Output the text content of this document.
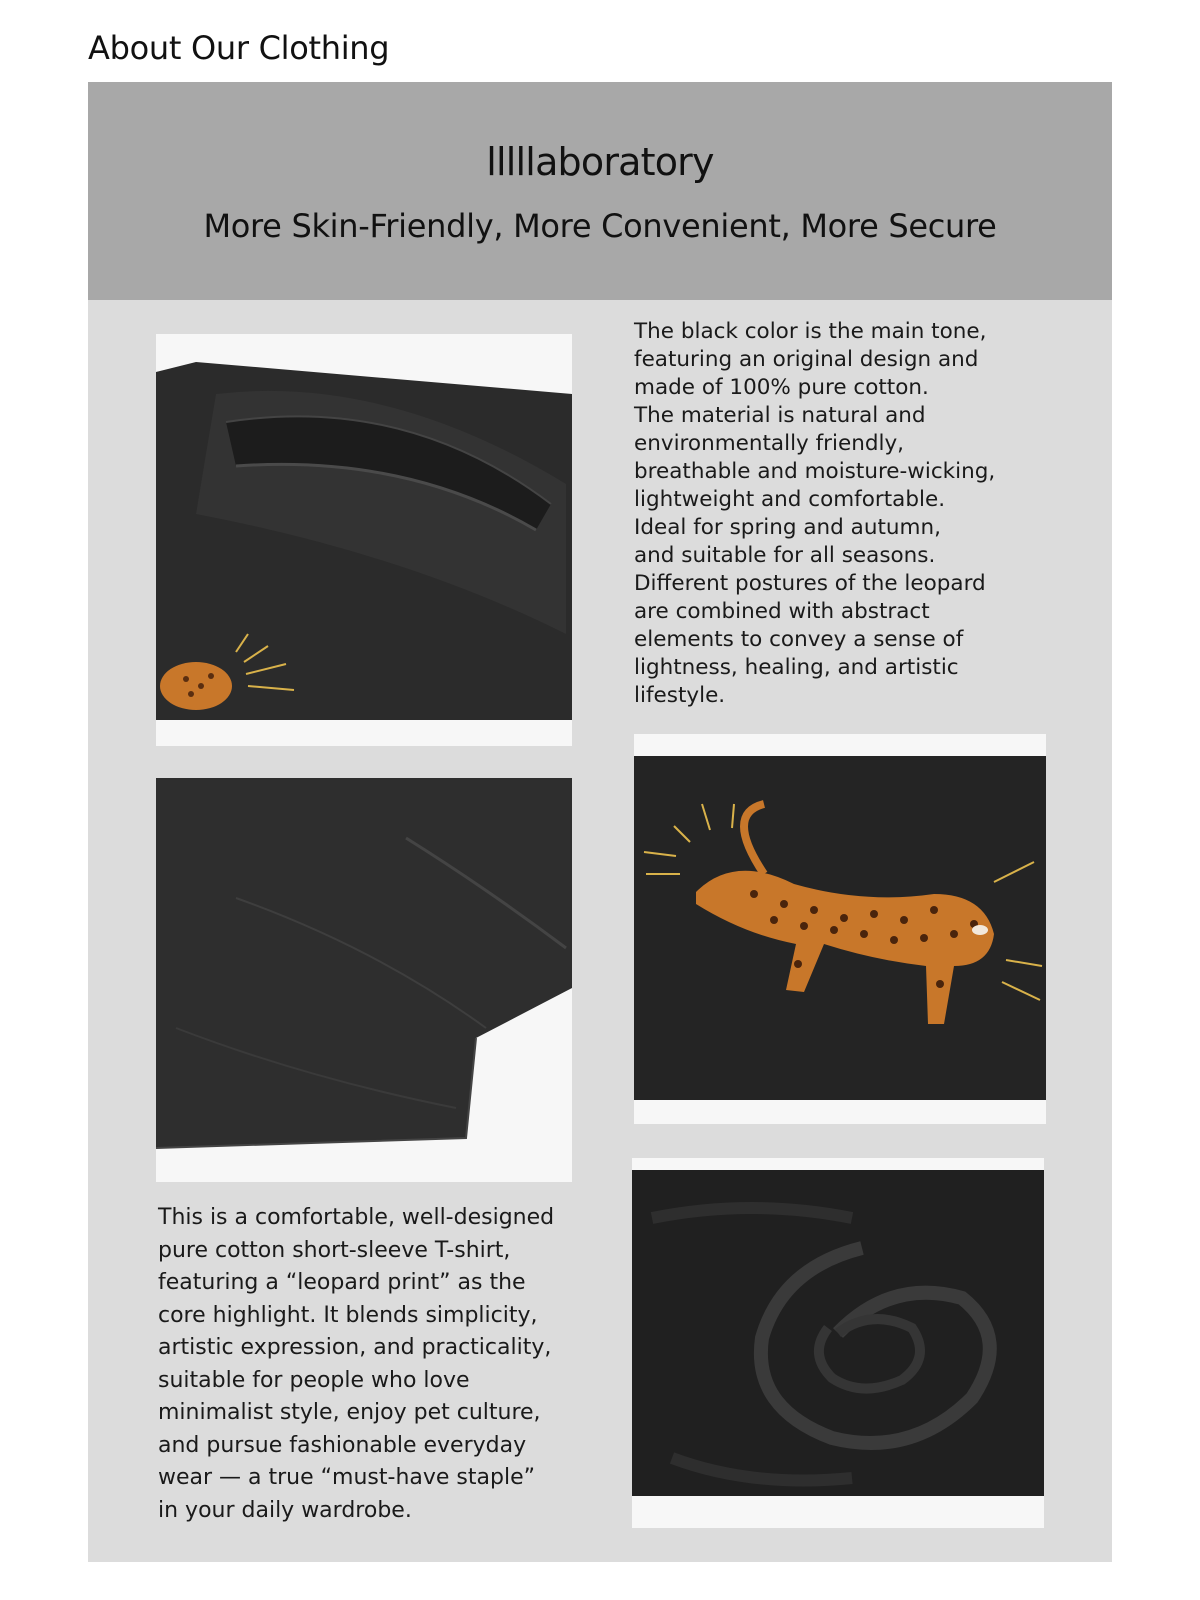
About Our Clothing
lllllaboratory
More Skin-Friendly, More Convenient, More Secure
The black color is the main tone,
featuring an original design and
made of 100% pure cotton.
The material is natural and
environmentally friendly,
breathable and moisture-wicking,
lightweight and comfortable.
Ideal for spring and autumn,
and suitable for all seasons.
Different postures of the leopard
are combined with abstract
elements to convey a sense of
lightness, healing, and artistic
lifestyle.
This is a comfortable, well-designed
pure cotton short-sleeve T-shirt,
featuring a “leopard print” as the
core highlight. It blends simplicity,
artistic expression, and practicality,
suitable for people who love
minimalist style, enjoy pet culture,
and pursue fashionable everyday
wear — a true “must-have staple”
in your daily wardrobe.
